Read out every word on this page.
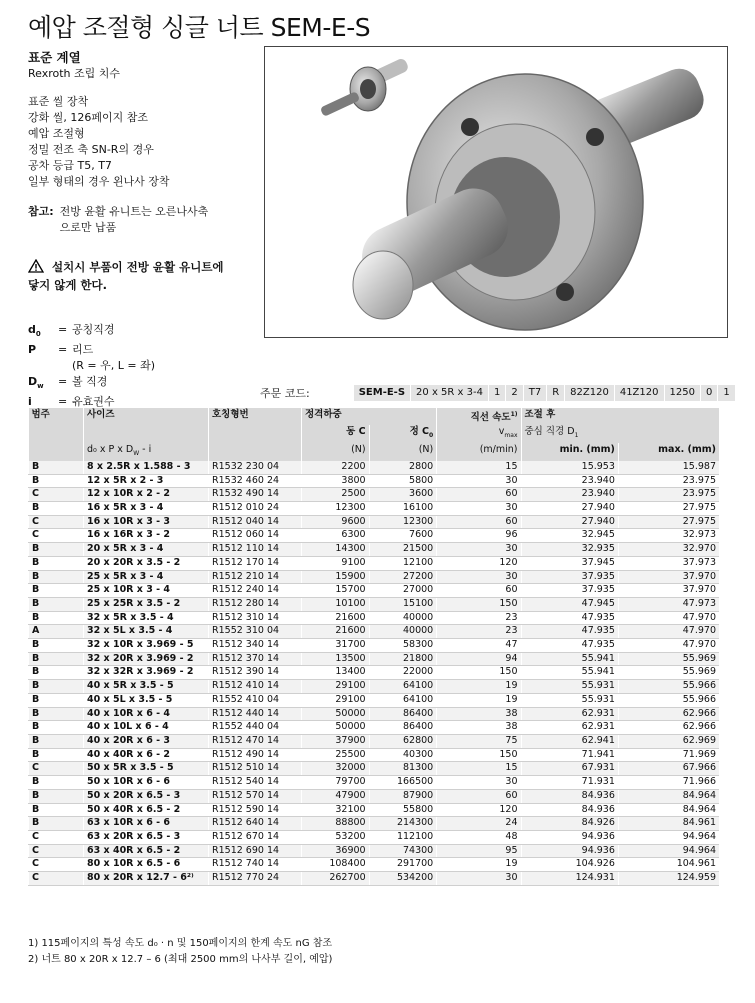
예압 조절형 싱글 너트 SEM-E-S
표준 계열
Rexroth 조립 치수
표준 씰 장착
강화 씰, 126페이지 참조
예압 조절형
정밀 전조 축 SN-R의 경우
공차 등급 T5, T7
일부 형태의 경우 왼나사 장착
참고: 전방 윤활 유니트는 오른나사축 으로만 납품
설치시 부품이 전방 윤활 유니트에
닿지 않게 한다.
$d_0$	= 공칭직경
P	= 리드
(R = 우, L = 좌)
$D_w$	= 볼 직경
i	= 유효권수
주문 코드:	SEM-E-S	20 x 5R x 3-4	1	2	T7	R	82Z120	41Z120	1250	0	1
범주	사이즈	호칭형번	정격하중		직선 속도$^{1)}$	조절 후	
			동 C	정 $C_0$	$v_{max}$	중심 직경 $D_1$
	d₀ x P x $D_W$ - i		(N)	(N)	(m/min)	min. (mm)	max. (mm)
B	8 x 2.5R x 1.588 - 3	R1532 230 04	2200	2800	15	15.953	15.987
B	12 x 5R x 2 - 3	R1532 460 24	3800	5800	30	23.940	23.975
C	12 x 10R x 2 - 2	R1532 490 14	2500	3600	60	23.940	23.975
B	16 x 5R x 3 - 4	R1512 010 24	12300	16100	30	27.940	27.975
C	16 x 10R x 3 - 3	R1512 040 14	9600	12300	60	27.940	27.975
C	16 x 16R x 3 - 2	R1512 060 14	6300	7600	96	32.945	32.973
B	20 x 5R x 3 - 4	R1512 110 14	14300	21500	30	32.935	32.970
B	20 x 20R x 3.5 - 2	R1512 170 14	9100	12100	120	37.945	37.973
B	25 x 5R x 3 - 4	R1512 210 14	15900	27200	30	37.935	37.970
B	25 x 10R x 3 - 4	R1512 240 14	15700	27000	60	37.935	37.970
B	25 x 25R x 3.5 - 2	R1512 280 14	10100	15100	150	47.945	47.973
B	32 x 5R x 3.5 - 4	R1512 310 14	21600	40000	23	47.935	47.970
A	32 x 5L x 3.5 - 4	R1552 310 04	21600	40000	23	47.935	47.970
B	32 x 10R x 3.969 - 5	R1512 340 14	31700	58300	47	47.935	47.970
B	32 x 20R x 3.969 - 2	R1512 370 14	13500	21800	94	55.941	55.969
B	32 x 32R x 3.969 - 2	R1512 390 14	13400	22000	150	55.941	55.969
B	40 x 5R x 3.5 - 5	R1512 410 14	29100	64100	19	55.931	55.966
B	40 x 5L x 3.5 - 5	R1552 410 04	29100	64100	19	55.931	55.966
B	40 x 10R x 6 - 4	R1512 440 14	50000	86400	38	62.931	62.966
B	40 x 10L x 6 - 4	R1552 440 04	50000	86400	38	62.931	62.966
B	40 x 20R x 6 - 3	R1512 470 14	37900	62800	75	62.941	62.969
B	40 x 40R x 6 - 2	R1512 490 14	25500	40300	150	71.941	71.969
C	50 x 5R x 3.5 - 5	R1512 510 14	32000	81300	15	67.931	67.966
B	50 x 10R x 6 - 6	R1512 540 14	79700	166500	30	71.931	71.966
B	50 x 20R x 6.5 - 3	R1512 570 14	47900	87900	60	84.936	84.964
B	50 x 40R x 6.5 - 2	R1512 590 14	32100	55800	120	84.936	84.964
B	63 x 10R x 6 - 6	R1512 640 14	88800	214300	24	84.926	84.961
C	63 x 20R x 6.5 - 3	R1512 670 14	53200	112100	48	94.936	94.964
C	63 x 40R x 6.5 - 2	R1512 690 14	36900	74300	95	94.936	94.964
C	80 x 10R x 6.5 - 6	R1512 740 14	108400	291700	19	104.926	104.961
C	80 x 20R x 12.7 - 6²⁾	R1512 770 24	262700	534200	30	124.931	124.959
1) 115페이지의 특성 속도 d₀ · n 및 150페이지의 한계 속도 nG 참조
2) 너트 80 x 20R x 12.7 – 6 (최대 2500 mm의 나사부 길이, 예압)
